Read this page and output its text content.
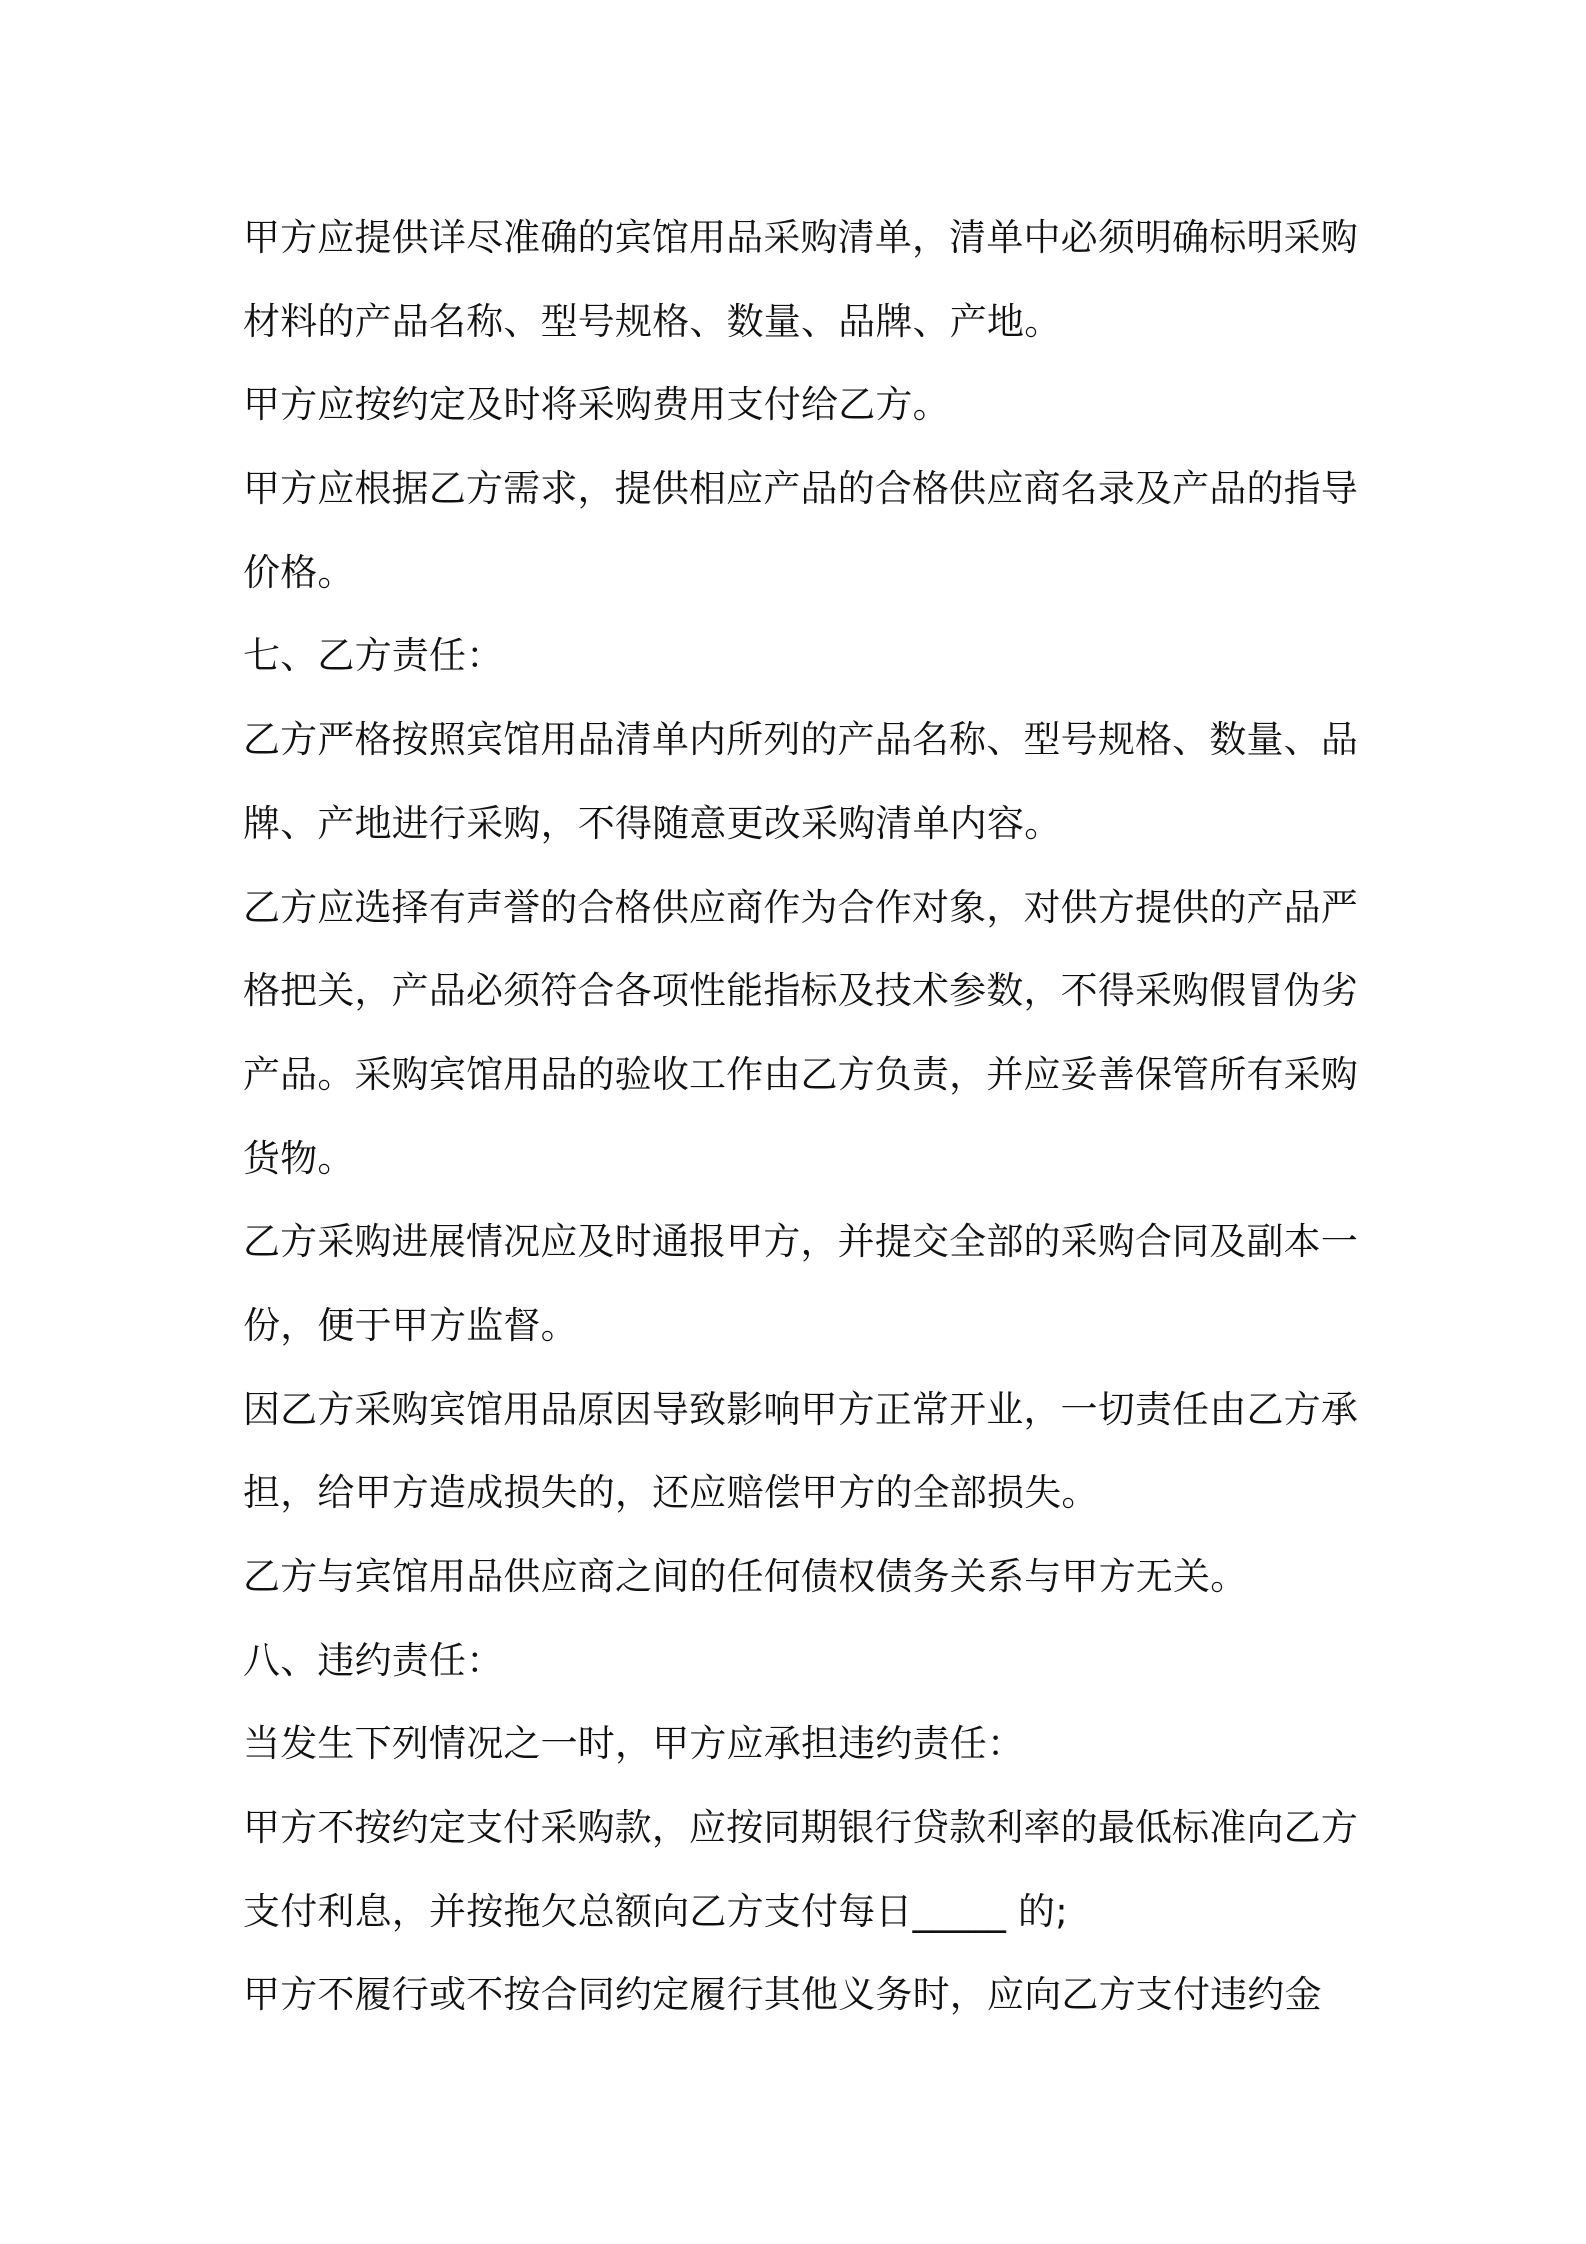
甲方应提供详尽准确的宾馆用品采购清单，清单中必须明确标明采购
材料的产品名称、型号规格、数量、品牌、产地。
甲方应按约定及时将采购费用支付给乙方。
甲方应根据乙方需求，提供相应产品的合格供应商名录及产品的指导
价格。
七、乙方责任：
乙方严格按照宾馆用品清单内所列的产品名称、型号规格、数量、品
牌、产地进行采购，不得随意更改采购清单内容。
乙方应选择有声誉的合格供应商作为合作对象，对供方提供的产品严
格把关，产品必须符合各项性能指标及技术参数，不得采购假冒伪劣
产品。采购宾馆用品的验收工作由乙方负责，并应妥善保管所有采购
货物。
乙方采购进展情况应及时通报甲方，并提交全部的采购合同及副本一
份，便于甲方监督。
因乙方采购宾馆用品原因导致影响甲方正常开业，一切责任由乙方承
担，给甲方造成损失的，还应赔偿甲方的全部损失。
乙方与宾馆用品供应商之间的任何债权债务关系与甲方无关。
八、违约责任：
当发生下列情况之一时，甲方应承担违约责任：
甲方不按约定支付采购款，应按同期银行贷款利率的最低标准向乙方
支付利息，并按拖欠总额向乙方支付每日_____ 的;
甲方不履行或不按合同约定履行其他义务时，应向乙方支付违约金
